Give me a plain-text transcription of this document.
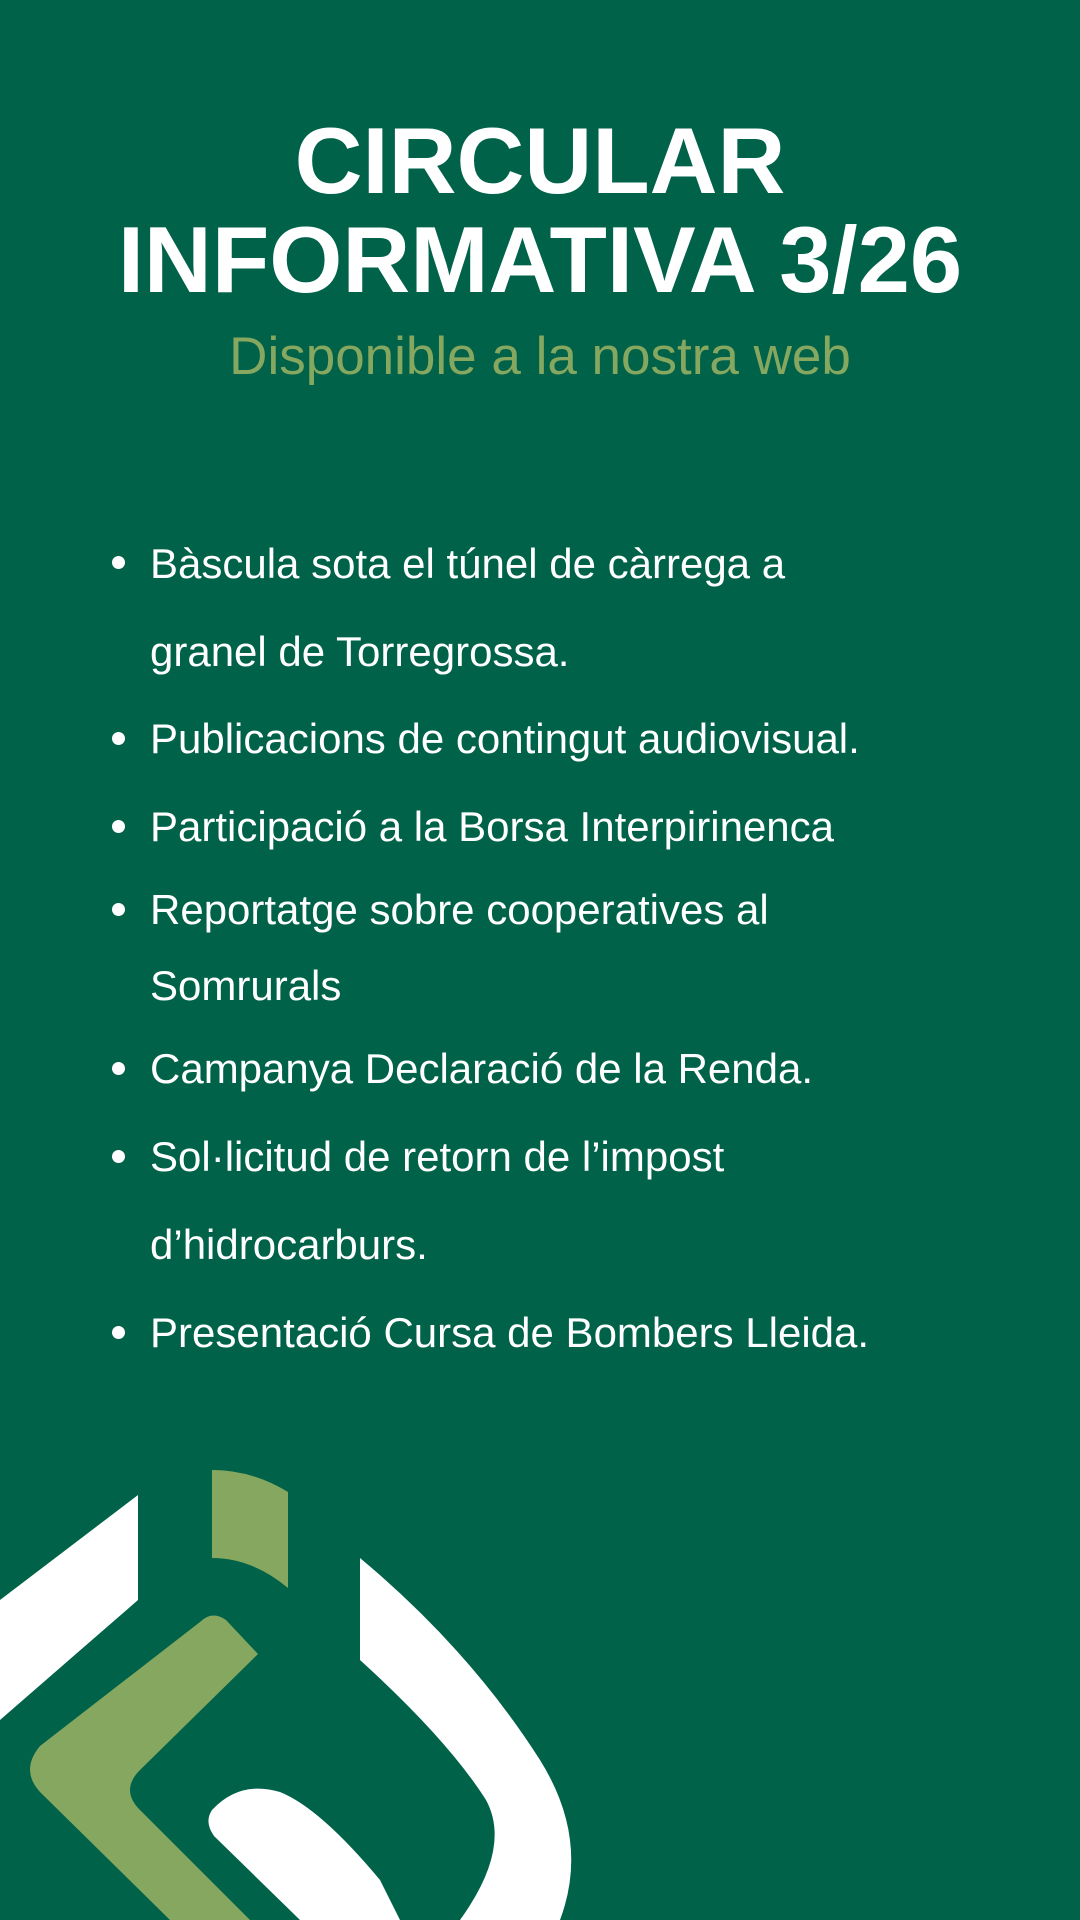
CIRCULAR
INFORMATIVA 3/26

Disponible a la nostra web

Bàscula sota el túnel de càrrega a
granel de Torregrossa.
Publicacions de contingut audiovisual.
Participació a la Borsa Interpirinenca
Reportatge sobre cooperatives al
Somrurals
Campanya Declaració de la Renda.
Sol·licitud de retorn de l’impost
d’hidrocarburs.
Presentació Cursa de Bombers Lleida.
